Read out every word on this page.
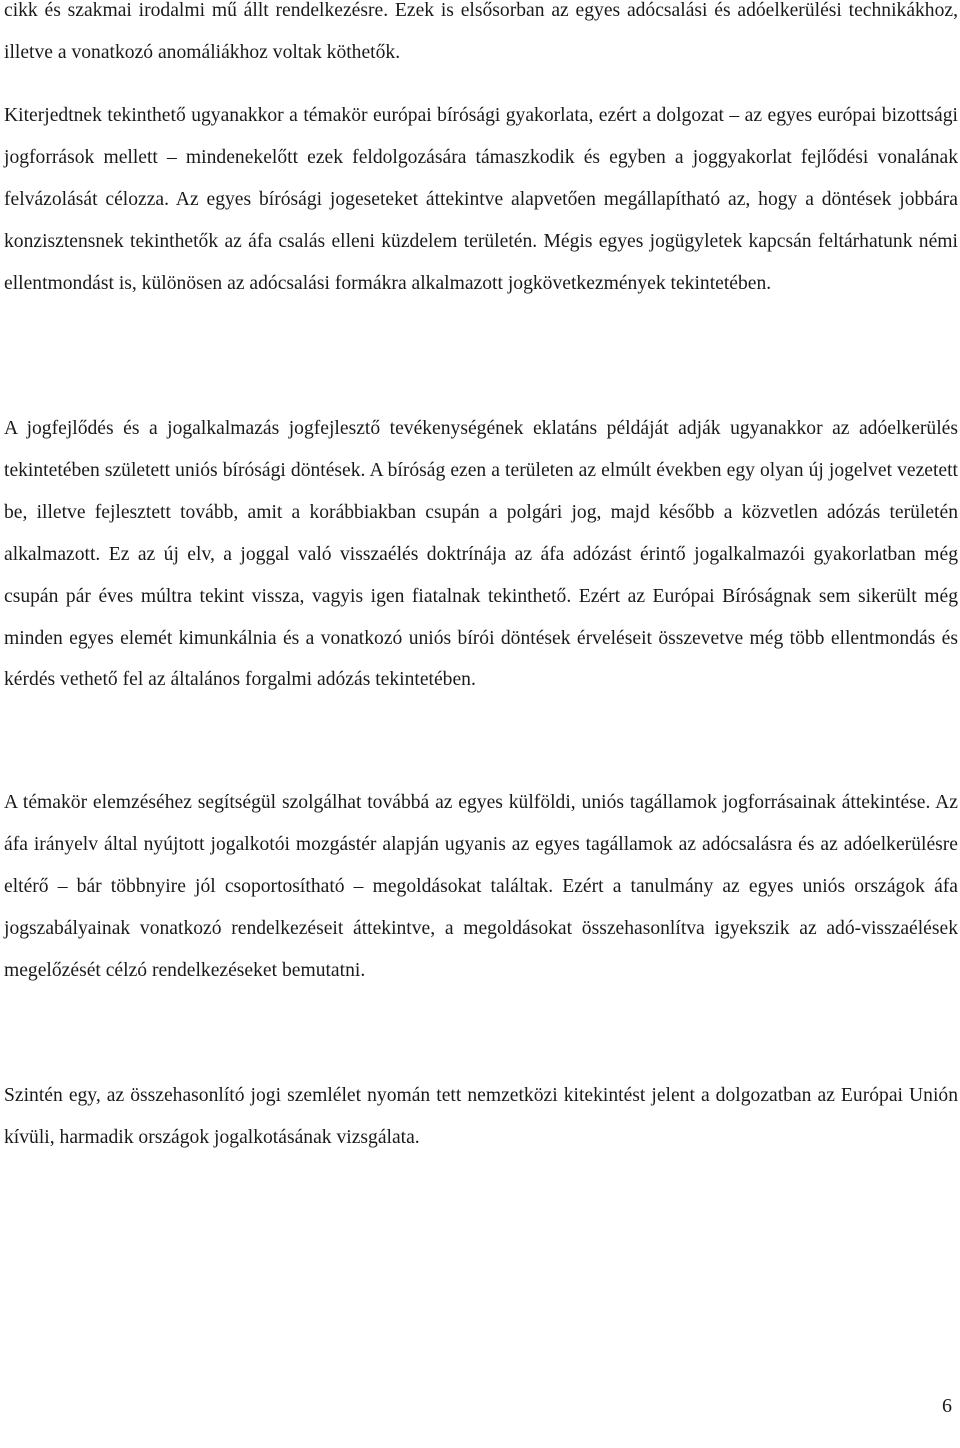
cikk és szakmai irodalmi mű állt rendelkezésre. Ezek is elsősorban az egyes adócsalási és adóelkerülési technikákhoz, illetve a vonatkozó anomáliákhoz voltak köthetők.

Kiterjedtnek tekinthető ugyanakkor a témakör európai bírósági gyakorlata, ezért a dolgozat – az egyes európai bizottsági jogforrások mellett – mindenekelőtt ezek feldolgozására támaszkodik és egyben a joggyakorlat fejlődési vonalának felvázolását célozza. Az egyes bírósági jogeseteket áttekintve alapvetően megállapítható az, hogy a döntések jobbára konzisztensnek tekinthetők az áfa csalás elleni küzdelem területén. Mégis egyes jogügyletek kapcsán feltárhatunk némi ellentmondást is, különösen az adócsalási formákra alkalmazott jogkövetkezmények tekintetében.

A jogfejlődés és a jogalkalmazás jogfejlesztő tevékenységének eklatáns példáját adják ugyanakkor az adóelkerülés tekintetében született uniós bírósági döntések. A bíróság ezen a területen az elmúlt években egy olyan új jogelvet vezetett be, illetve fejlesztett tovább, amit a korábbiakban csupán a polgári jog, majd később a közvetlen adózás területén alkalmazott. Ez az új elv, a joggal való visszaélés doktrínája az áfa adózást érintő jogalkalmazói gyakorlatban még csupán pár éves múltra tekint vissza, vagyis igen fiatalnak tekinthető. Ezért az Európai Bíróságnak sem sikerült még minden egyes elemét kimunkálnia és a vonatkozó uniós bírói döntések érveléseit összevetve még több ellentmondás és kérdés vethető fel az általános forgalmi adózás tekintetében.

A témakör elemzéséhez segítségül szolgálhat továbbá az egyes külföldi, uniós tagállamok jogforrásainak áttekintése. Az áfa irányelv által nyújtott jogalkotói mozgástér alapján ugyanis az egyes tagállamok az adócsalásra és az adóelkerülésre eltérő – bár többnyire jól csoportosítható – megoldásokat találtak. Ezért a tanulmány az egyes uniós országok áfa jogszabályainak vonatkozó rendelkezéseit áttekintve, a megoldásokat összehasonlítva igyekszik az adó-visszaélések megelőzését célzó rendelkezéseket bemutatni.

Szintén egy, az összehasonlító jogi szemlélet nyomán tett nemzetközi kitekintést jelent a dolgozatban az Európai Unión kívüli, harmadik országok jogalkotásának vizsgálata.

6
